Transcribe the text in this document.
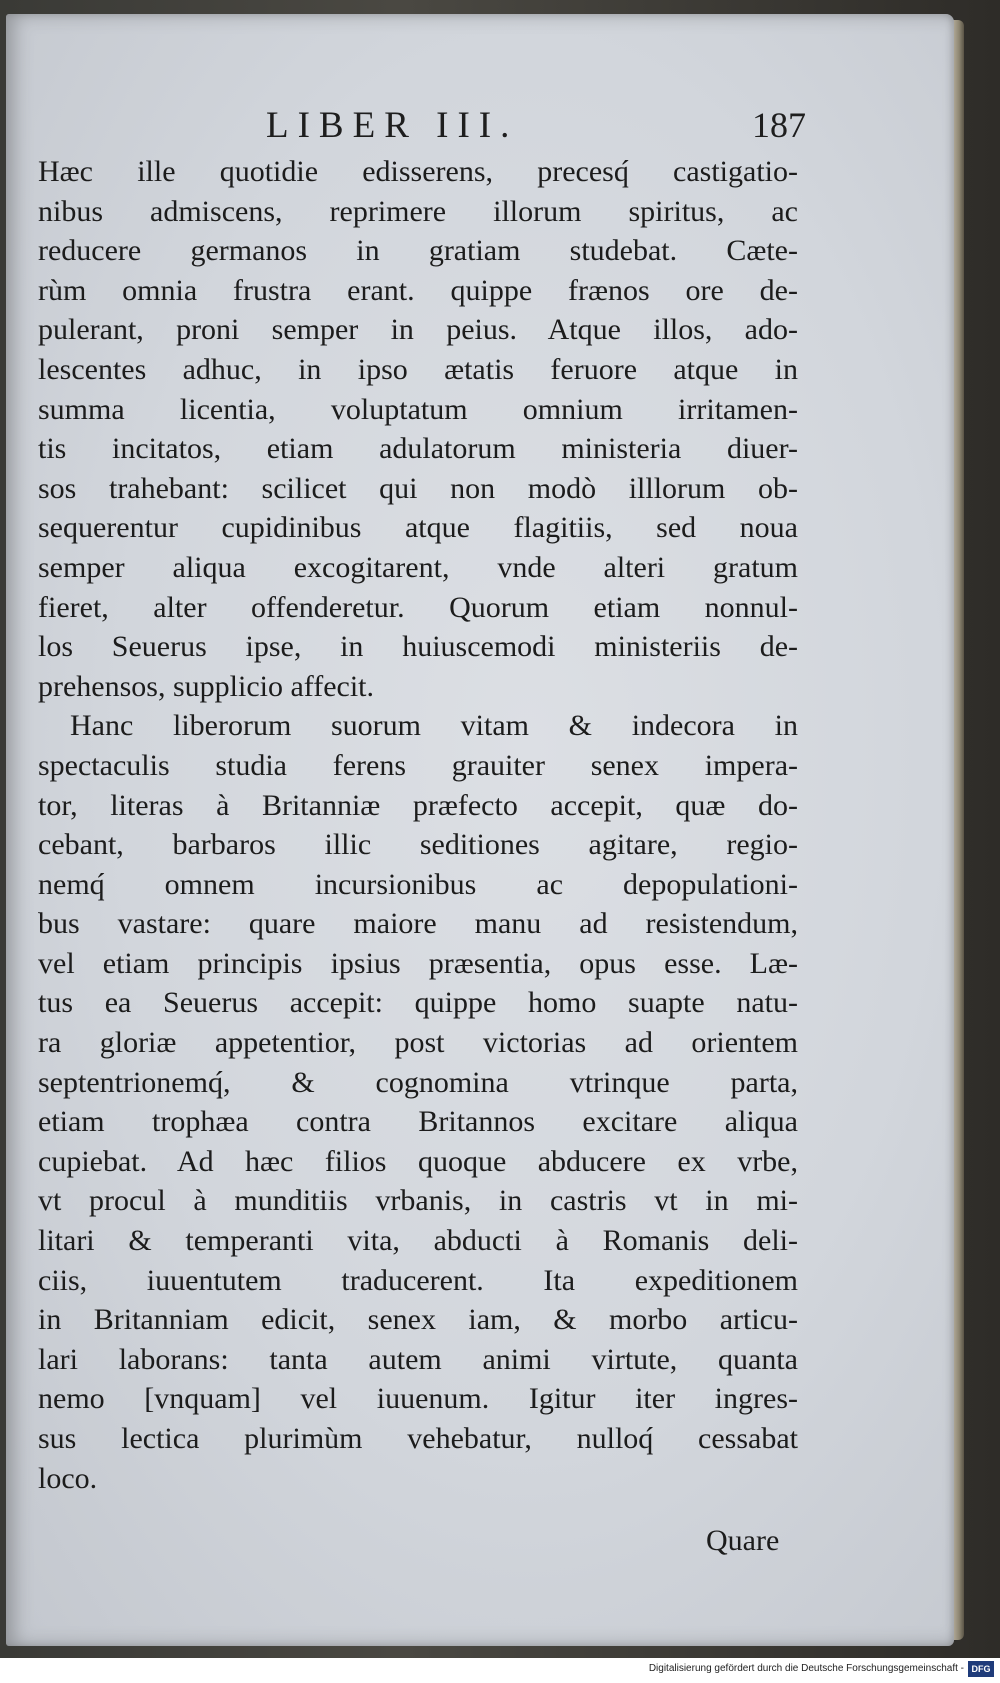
LIBER III.	187
Hæc ille quotidie edisserens, precesq́ castigatio-
nibus admiscens, reprimere illorum spiritus, ac
reducere germanos in gratiam studebat. Cæte-
rùm omnia frustra erant. quippe frænos ore de-
pulerant, proni semper in peius. Atque illos, ado-
lescentes adhuc, in ipso ætatis feruore atque in
summa licentia, voluptatum omnium irritamen-
tis incitatos, etiam adulatorum ministeria diuer-
sos trahebant: scilicet qui non modò illlorum ob-
sequerentur cupidinibus atque flagitiis, sed noua
semper aliqua excogitarent, vnde alteri gratum
fieret, alter offenderetur. Quorum etiam nonnul-
los Seuerus ipse, in huiuscemodi ministeriis de-
prehensos, supplicio affecit.
Hanc liberorum suorum vitam & indecora in
spectaculis studia ferens grauiter senex impera-
tor, literas à Britanniæ præfecto accepit, quæ do-
cebant, barbaros illic seditiones agitare, regio-
nemq́ omnem incursionibus ac depopulationi-
bus vastare: quare maiore manu ad resistendum,
vel etiam principis ipsius præsentia, opus esse. Læ-
tus ea Seuerus accepit: quippe homo suapte natu-
ra gloriæ appetentior, post victorias ad orientem
septentrionemq́, & cognomina vtrinque parta,
etiam trophæa contra Britannos excitare aliqua
cupiebat. Ad hæc filios quoque abducere ex vrbe,
vt procul à munditiis vrbanis, in castris vt in mi-
litari & temperanti vita, abducti à Romanis deli-
ciis, iuuentutem traducerent. Ita expeditionem
in Britanniam edicit, senex iam, & morbo articu-
lari laborans: tanta autem animi virtute, quanta
nemo [vnquam] vel iuuenum. Igitur iter ingres-
sus lectica plurimùm vehebatur, nulloq́ cessabat
loco.
Quare
Digitalisierung gefördert durch die Deutsche Forschungsgemeinschaft - DFG
